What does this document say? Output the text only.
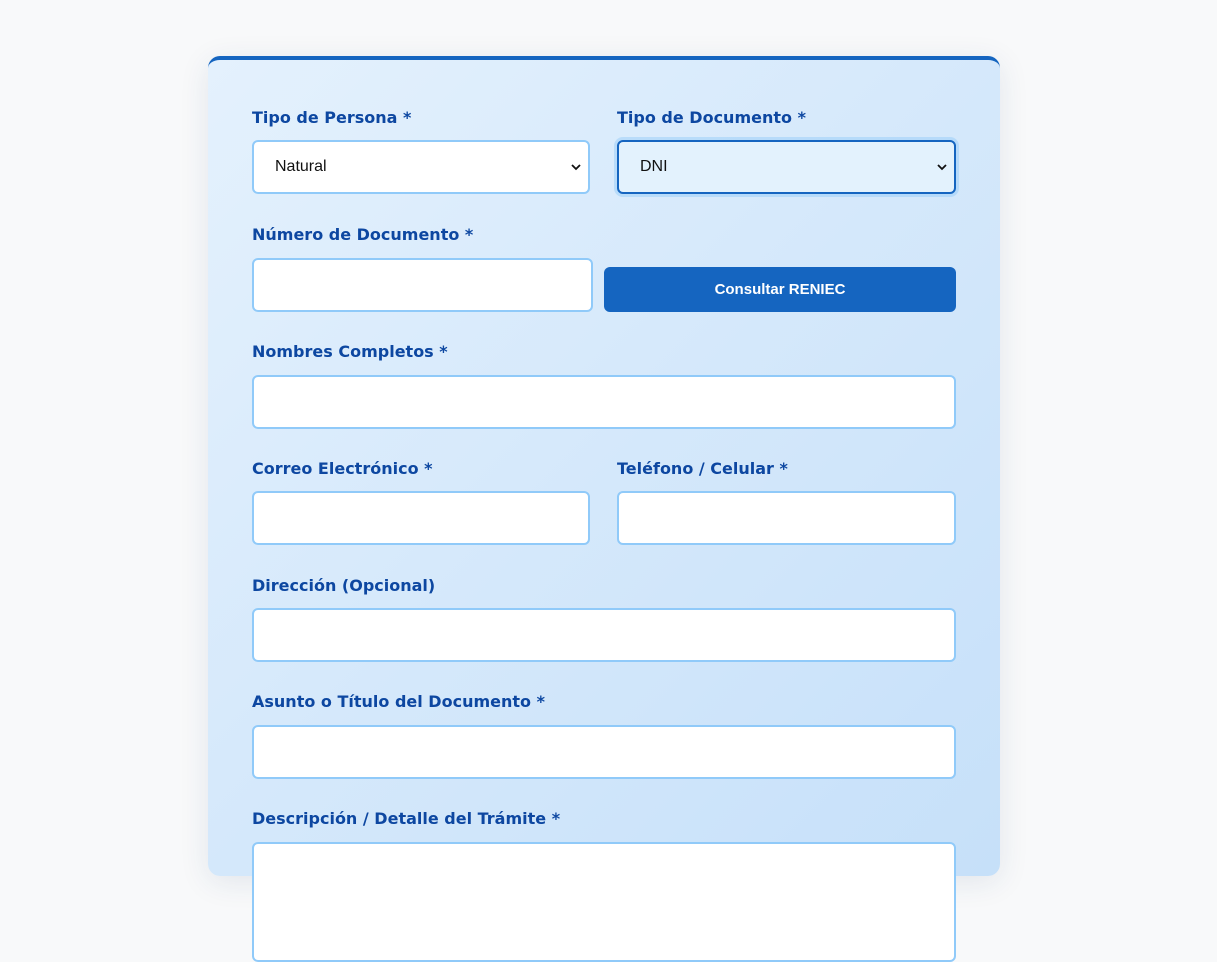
Tipo de Persona *
Natural
Tipo de Documento *
DNI
Número de Documento *
Consultar RENIEC
Nombres Completos *
Correo Electrónico *	Teléfono / Celular *
Dirección (Opcional)
Asunto o Título del Documento *
Descripción / Detalle del Trámite *
